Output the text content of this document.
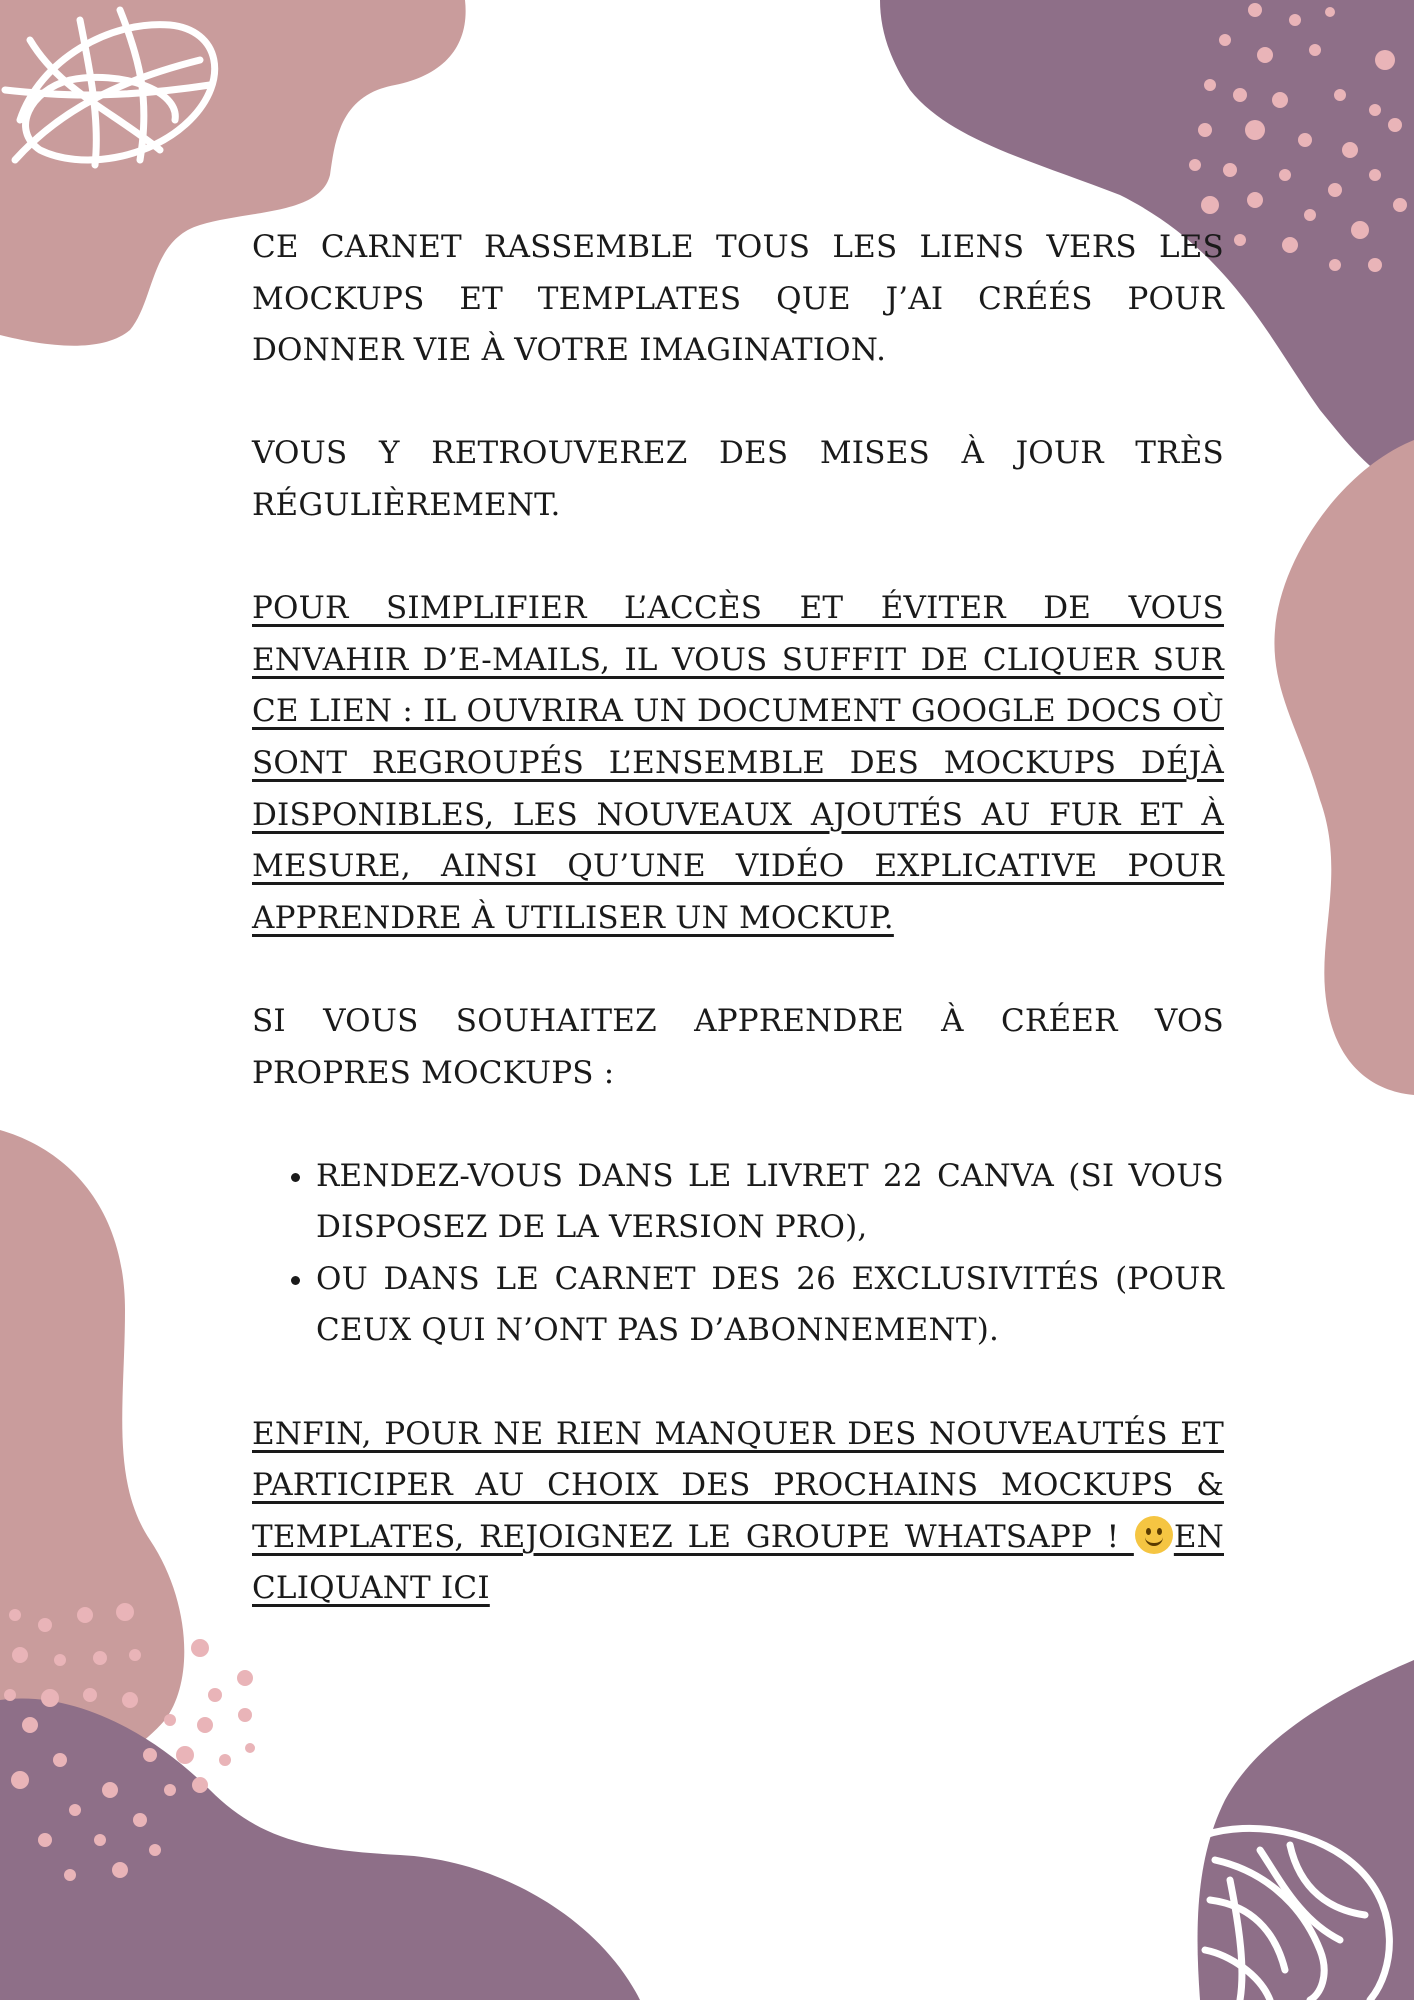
CE CARNET RASSEMBLE TOUS LES LIENS VERS LES MOCKUPS ET TEMPLATES QUE J’AI CRÉÉS POUR DONNER VIE À VOTRE IMAGINATION.

VOUS Y RETROUVEREZ DES MISES À JOUR TRÈS RÉGULIÈREMENT.

POUR SIMPLIFIER L’ACCÈS ET ÉVITER DE VOUS ENVAHIR D’E-MAILS, IL VOUS SUFFIT DE CLIQUER SUR CE LIEN : IL OUVRIRA UN DOCUMENT GOOGLE DOCS OÙ SONT REGROUPÉS L’ENSEMBLE DES MOCKUPS DÉJÀ DISPONIBLES, LES NOUVEAUX AJOUTÉS AU FUR ET À MESURE, AINSI QU’UNE VIDÉO EXPLICATIVE POUR APPRENDRE À UTILISER UN MOCKUP.

SI VOUS SOUHAITEZ APPRENDRE À CRÉER VOS PROPRES MOCKUPS :

• RENDEZ-VOUS DANS LE LIVRET 22 CANVA (SI VOUS DISPOSEZ DE LA VERSION PRO),
• OU DANS LE CARNET DES 26 EXCLUSIVITÉS (POUR CEUX QUI N’ONT PAS D’ABONNEMENT).

ENFIN, POUR NE RIEN MANQUER DES NOUVEAUTÉS ET PARTICIPER AU CHOIX DES PROCHAINS MOCKUPS & TEMPLATES, REJOIGNEZ LE GROUPE WHATSAPP !
EN CLIQUANT ICI
